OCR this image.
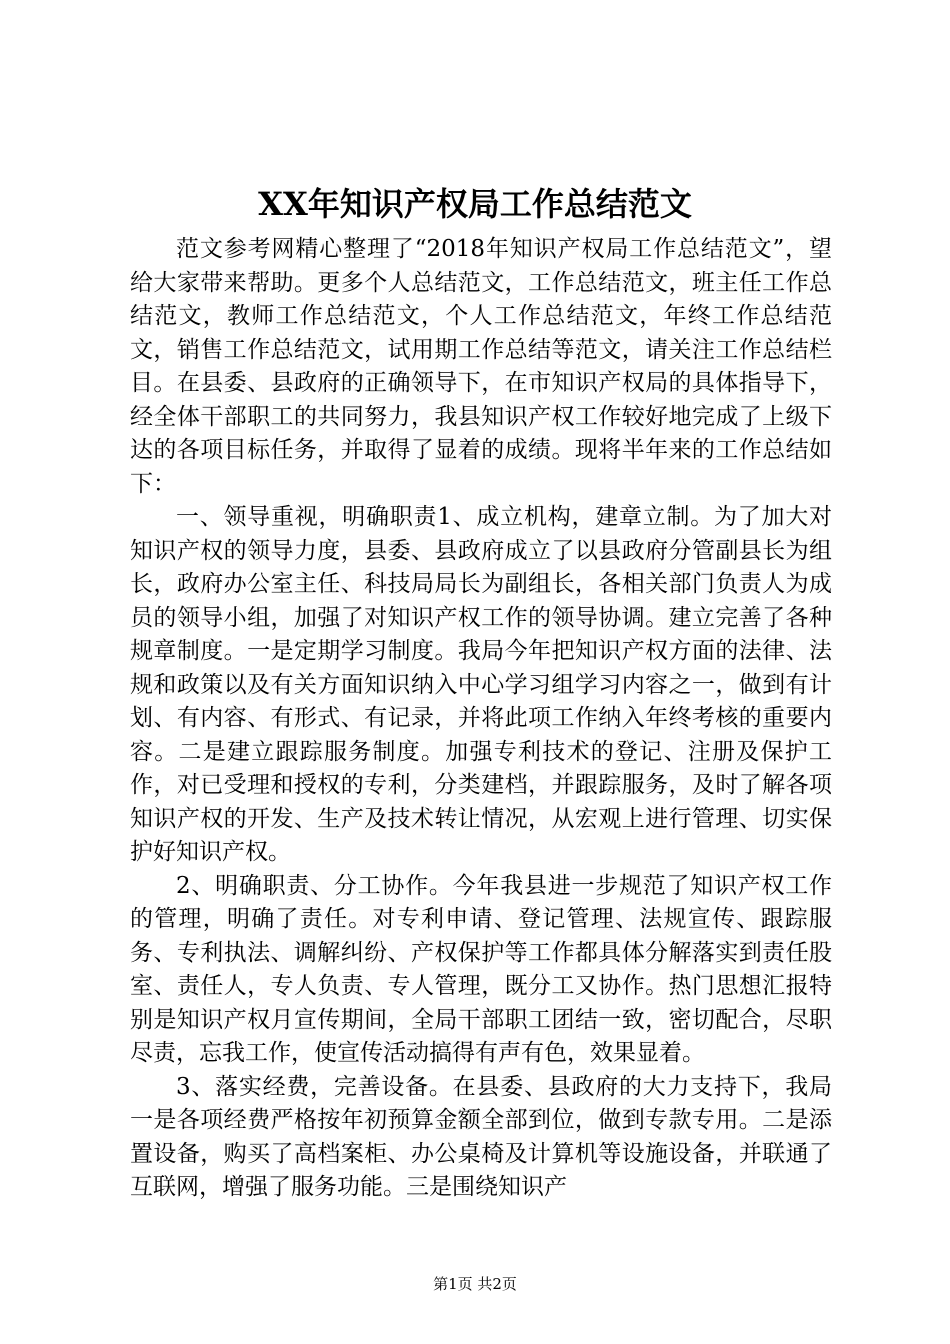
XX年知识产权局工作总结范文

范文参考网精心整理了“2018年知识产权局工作总结范文”，望给大家带来帮助。更多个人总结范文，工作总结范文，班主任工作总结范文，教师工作总结范文，个人工作总结范文，年终工作总结范文，销售工作总结范文，试用期工作总结等范文，请关注工作总结栏目。在县委、县政府的正确领导下，在市知识产权局的具体指导下，经全体干部职工的共同努力，我县知识产权工作较好地完成了上级下达的各项目标任务，并取得了显着的成绩。现将半年来的工作总结如下：

一、领导重视，明确职责1、成立机构，建章立制。为了加大对知识产权的领导力度，县委、县政府成立了以县政府分管副县长为组长，政府办公室主任、科技局局长为副组长，各相关部门负责人为成员的领导小组，加强了对知识产权工作的领导协调。建立完善了各种规章制度。一是定期学习制度。我局今年把知识产权方面的法律、法规和政策以及有关方面知识纳入中心学习组学习内容之一，做到有计划、有内容、有形式、有记录，并将此项工作纳入年终考核的重要内容。二是建立跟踪服务制度。加强专利技术的登记、注册及保护工作，对已受理和授权的专利，分类建档，并跟踪服务，及时了解各项知识产权的开发、生产及技术转让情况，从宏观上进行管理、切实保护好知识产权。

2、明确职责、分工协作。今年我县进一步规范了知识产权工作的管理，明确了责任。对专利申请、登记管理、法规宣传、跟踪服务、专利执法、调解纠纷、产权保护等工作都具体分解落实到责任股室、责任人，专人负责、专人管理，既分工又协作。热门思想汇报特别是知识产权月宣传期间，全局干部职工团结一致，密切配合，尽职尽责，忘我工作，使宣传活动搞得有声有色，效果显着。

3、落实经费，完善设备。在县委、县政府的大力支持下，我局一是各项经费严格按年初预算金额全部到位，做到专款专用。二是添置设备，购买了高档案柜、办公桌椅及计算机等设施设备，并联通了互联网，增强了服务功能。三是围绕知识产

第1页 共2页
